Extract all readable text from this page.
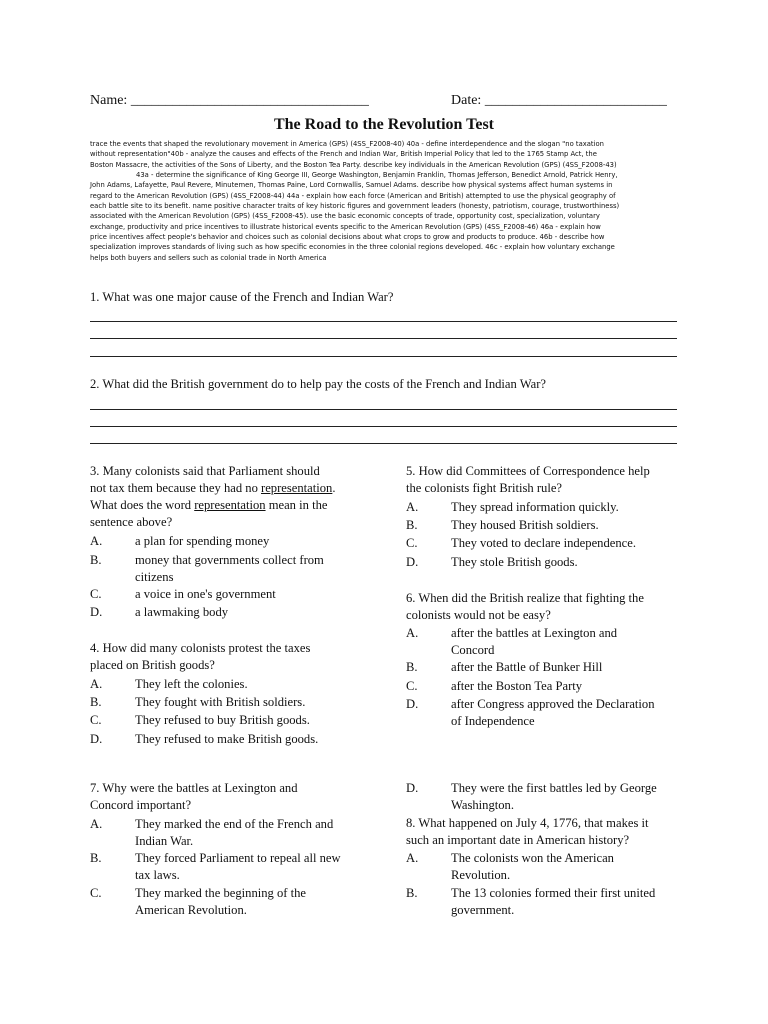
Name: __________________________________	Date: __________________________
The Road to the Revolution Test
trace the events that shaped the revolutionary movement in America (GPS) (4SS_F2008-40) 40a - define interdependence and the slogan "no taxation
without representation"40b - analyze the causes and effects of the French and Indian War, British Imperial Policy that led to the 1765 Stamp Act, the
Boston Massacre, the activities of the Sons of Liberty, and the Boston Tea Party. describe key individuals in the American Revolution (GPS) (4SS_F2008-43)
43a - determine the significance of King George III, George Washington, Benjamin Franklin, Thomas Jefferson, Benedict Arnold, Patrick Henry,
John Adams, Lafayette, Paul Revere, Minutemen, Thomas Paine, Lord Cornwallis, Samuel Adams. describe how physical systems affect human systems in
regard to the American Revolution (GPS) (4SS_F2008-44) 44a - explain how each force (American and British) attempted to use the physical geography of
each battle site to its benefit. name positive character traits of key historic figures and government leaders (honesty, patriotism, courage, trustworthiness)
associated with the American Revolution (GPS) (4SS_F2008-45). use the basic economic concepts of trade, opportunity cost, specialization, voluntary
exchange, productivity and price incentives to illustrate historical events specific to the American Revolution (GPS) (4SS_F2008-46) 46a - explain how
price incentives affect people's behavior and choices such as colonial decisions about what crops to grow and products to produce. 46b - describe how
specialization improves standards of living such as how specific economies in the three colonial regions developed. 46c - explain how voluntary exchange
helps both buyers and sellers such as colonial trade in North America
1. What was one major cause of the French and Indian War?
2. What did the British government do to help pay the costs of the French and Indian War?
3. Many colonists said that Parliament should
not tax them because they had no representation.
What does the word representation mean in the
sentence above?
A.	a plan for spending money
B.	money that governments collect from
citizens
C.	a voice in one's government
D.	a lawmaking body
4. How did many colonists protest the taxes
placed on British goods?
A.	They left the colonies.
B.	They fought with British soldiers.
C.	They refused to buy British goods.
D.	They refused to make British goods.
5. How did Committees of Correspondence help
the colonists fight British rule?
A.	They spread information quickly.
B.	They housed British soldiers.
C.	They voted to declare independence.
D.	They stole British goods.
6. When did the British realize that fighting the
colonists would not be easy?
A.	after the battles at Lexington and
Concord
B.	after the Battle of Bunker Hill
C.	after the Boston Tea Party
D.	after Congress approved the Declaration
of Independence
7. Why were the battles at Lexington and
Concord important?
A.	They marked the end of the French and
Indian War.
B.	They forced Parliament to repeal all new
tax laws.
C.	They marked the beginning of the
American Revolution.
D.	They were the first battles led by George
Washington.
8. What happened on July 4, 1776, that makes it
such an important date in American history?
A.	The colonists won the American
Revolution.
B.	The 13 colonies formed their first united
government.
